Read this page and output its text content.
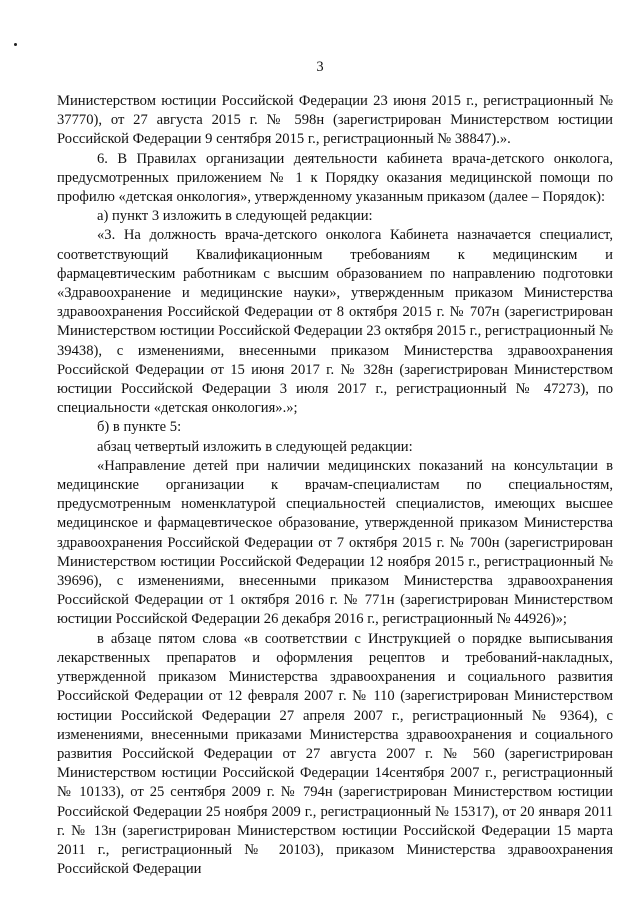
3

Министерством юстиции Российской Федерации 23 июня 2015 г., регистрационный № 37770), от 27 августа 2015 г. № 598н (зарегистрирован Министерством юстиции Российской Федерации 9 сентября 2015 г., регистрационный № 38847).».

6. В Правилах организации деятельности кабинета врача-детского онколога, предусмотренных приложением № 1 к Порядку оказания медицинской помощи по профилю «детская онкология», утвержденному указанным приказом (далее – Порядок):

а) пункт 3 изложить в следующей редакции:

«3. На должность врача-детского онколога Кабинета назначается специалист, соответствующий Квалификационным требованиям к медицинским и фармацевтическим работникам с высшим образованием по направлению подготовки «Здравоохранение и медицинские науки», утвержденным приказом Министерства здравоохранения Российской Федерации от 8 октября 2015 г. № 707н (зарегистрирован Министерством юстиции Российской Федерации 23 октября 2015 г., регистрационный № 39438), с изменениями, внесенными приказом Министерства здравоохранения Российской Федерации от 15 июня 2017 г. № 328н (зарегистрирован Министерством юстиции Российской Федерации 3 июля 2017 г., регистрационный № 47273), по специальности «детская онкология».»;

б) в пункте 5:

абзац четвертый изложить в следующей редакции:

«Направление детей при наличии медицинских показаний на консультации в медицинские организации к врачам-специалистам по специальностям, предусмотренным номенклатурой специальностей специалистов, имеющих высшее медицинское и фармацевтическое образование, утвержденной приказом Министерства здравоохранения Российской Федерации от 7 октября 2015 г. № 700н (зарегистрирован Министерством юстиции Российской Федерации 12 ноября 2015 г., регистрационный № 39696), с изменениями, внесенными приказом Министерства здравоохранения Российской Федерации от 1 октября 2016 г. № 771н (зарегистрирован Министерством юстиции Российской Федерации 26 декабря 2016 г., регистрационный № 44926)»;

в абзаце пятом слова «в соответствии с Инструкцией о порядке выписывания лекарственных препаратов и оформления рецептов и требований-накладных, утвержденной приказом Министерства здравоохранения и социального развития Российской Федерации от 12 февраля 2007 г. № 110 (зарегистрирован Министерством юстиции Российской Федерации 27 апреля 2007 г., регистрационный № 9364), с изменениями, внесенными приказами Министерства здравоохранения и социального развития Российской Федерации от 27 августа 2007 г. № 560 (зарегистрирован Министерством юстиции Российской Федерации 14сентября 2007 г., регистрационный № 10133), от 25 сентября 2009 г. № 794н (зарегистрирован Министерством юстиции Российской Федерации 25 ноября 2009 г., регистрационный № 15317), от 20 января 2011 г. № 13н (зарегистрирован Министерством юстиции Российской Федерации 15 марта 2011 г., регистрационный № 20103), приказом Министерства здравоохранения Российской Федерации
